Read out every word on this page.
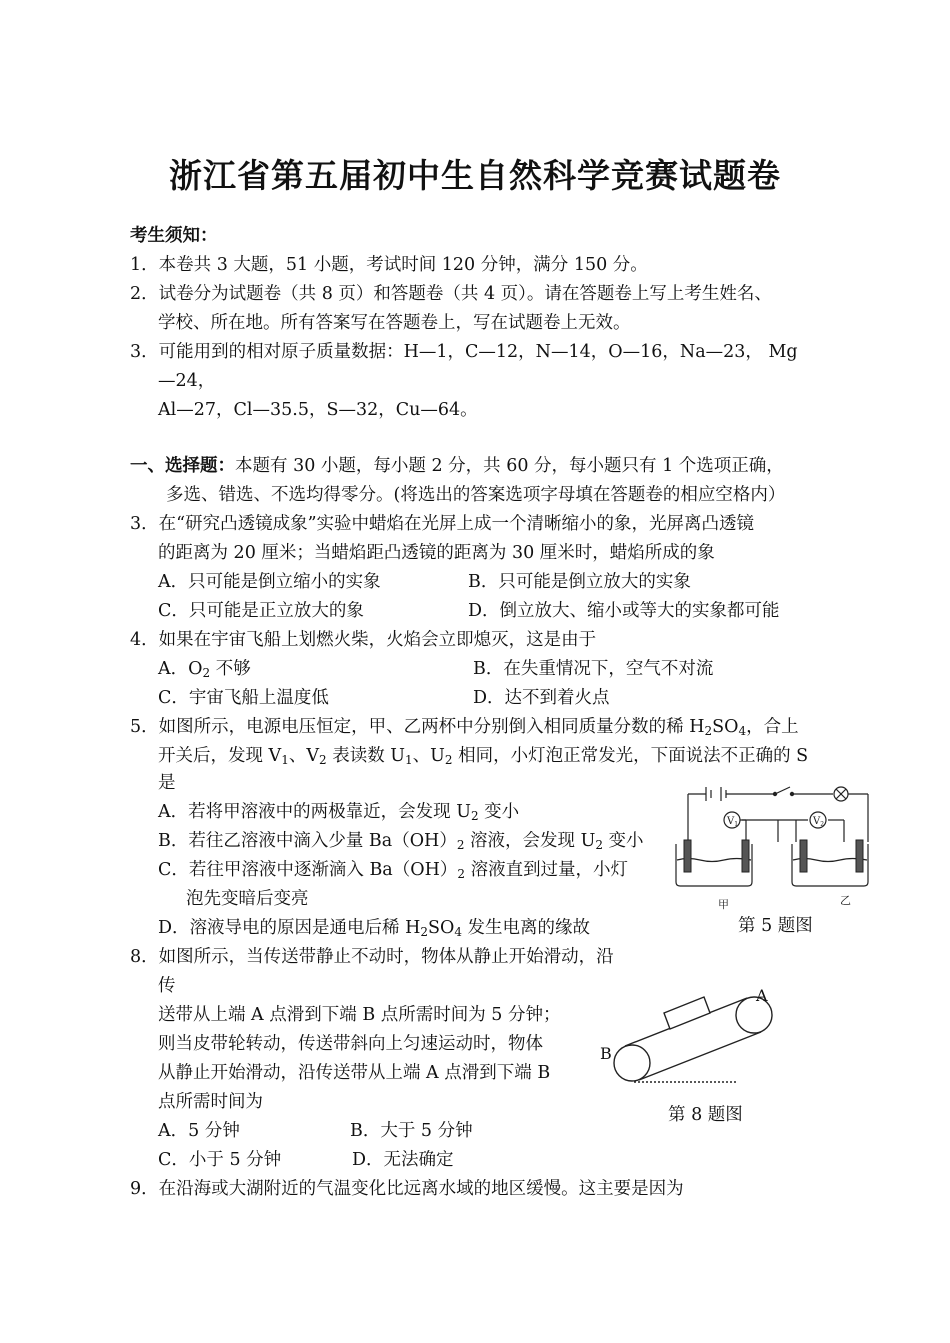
浙江省第五届初中生自然科学竞赛试题卷
考生须知：
1．本卷共 3 大题，51 小题，考试时间 120 分钟，满分 150 分。
2．试卷分为试题卷（共 8 页）和答题卷（共 4 页）。请在答题卷上写上考生姓名、
学校、所在地。所有答案写在答题卷上，写在试题卷上无效。
3．可能用到的相对原子质量数据：H—1，C—12，N—14，O—16，Na—23， Mg
—24，
Al—27，Cl—35.5，S—32，Cu—64。
一、选择题：本题有 30 小题，每小题 2 分，共 60 分，每小题只有 1 个选项正确，
多选、错选、不选均得零分。(将选出的答案选项字母填在答题卷的相应空格内）
3．在“研究凸透镜成象”实验中蜡焰在光屏上成一个清晰缩小的象，光屏离凸透镜
的距离为 20 厘米；当蜡焰距凸透镜的距离为 30 厘米时，蜡焰所成的象
A．只可能是倒立缩小的实象	B．只可能是倒立放大的实象
C．只可能是正立放大的象	D．倒立放大、缩小或等大的实象都可能
4．如果在宇宙飞船上划燃火柴，火焰会立即熄灭，这是由于
A．$O_2$ 不够	B．在失重情况下，空气不对流
C．宇宙飞船上温度低	D．达不到着火点
5．如图所示，电源电压恒定，甲、乙两杯中分别倒入相同质量分数的稀 $H_2SO_4$，合上
开关后，发现 $V_1$、$V_2$ 表读数 $U_1$、$U_2$ 相同，小灯泡正常发光，下面说法不正确的 S
是
A．若将甲溶液中的两极靠近，会发现 $U_2$ 变小
B．若往乙溶液中滴入少量 $Ba(OH)_2$ 溶液，会发现 $U_2$ 变小
C．若往甲溶液中逐渐滴入 $Ba(OH)_2$ 溶液直到过量，小灯
泡先变暗后变亮
D．溶液导电的原因是通电后稀 $H_2SO_4$ 发生电离的缘故
$V_1$	$V_2$
甲	乙
第 5 题图
8．如图所示，当传送带静止不动时，物体从静止开始滑动，沿
传
送带从上端 A 点滑到下端 B 点所需时间为 5 分钟；
则当皮带轮转动，传送带斜向上匀速运动时，物体
从静止开始滑动，沿传送带从上端 A 点滑到下端 B
点所需时间为
A．5 分钟	B．大于 5 分钟
C．小于 5 分钟	D．无法确定
A
B
第 8 题图
9．在沿海或大湖附近的气温变化比远离水域的地区缓慢。这主要是因为
